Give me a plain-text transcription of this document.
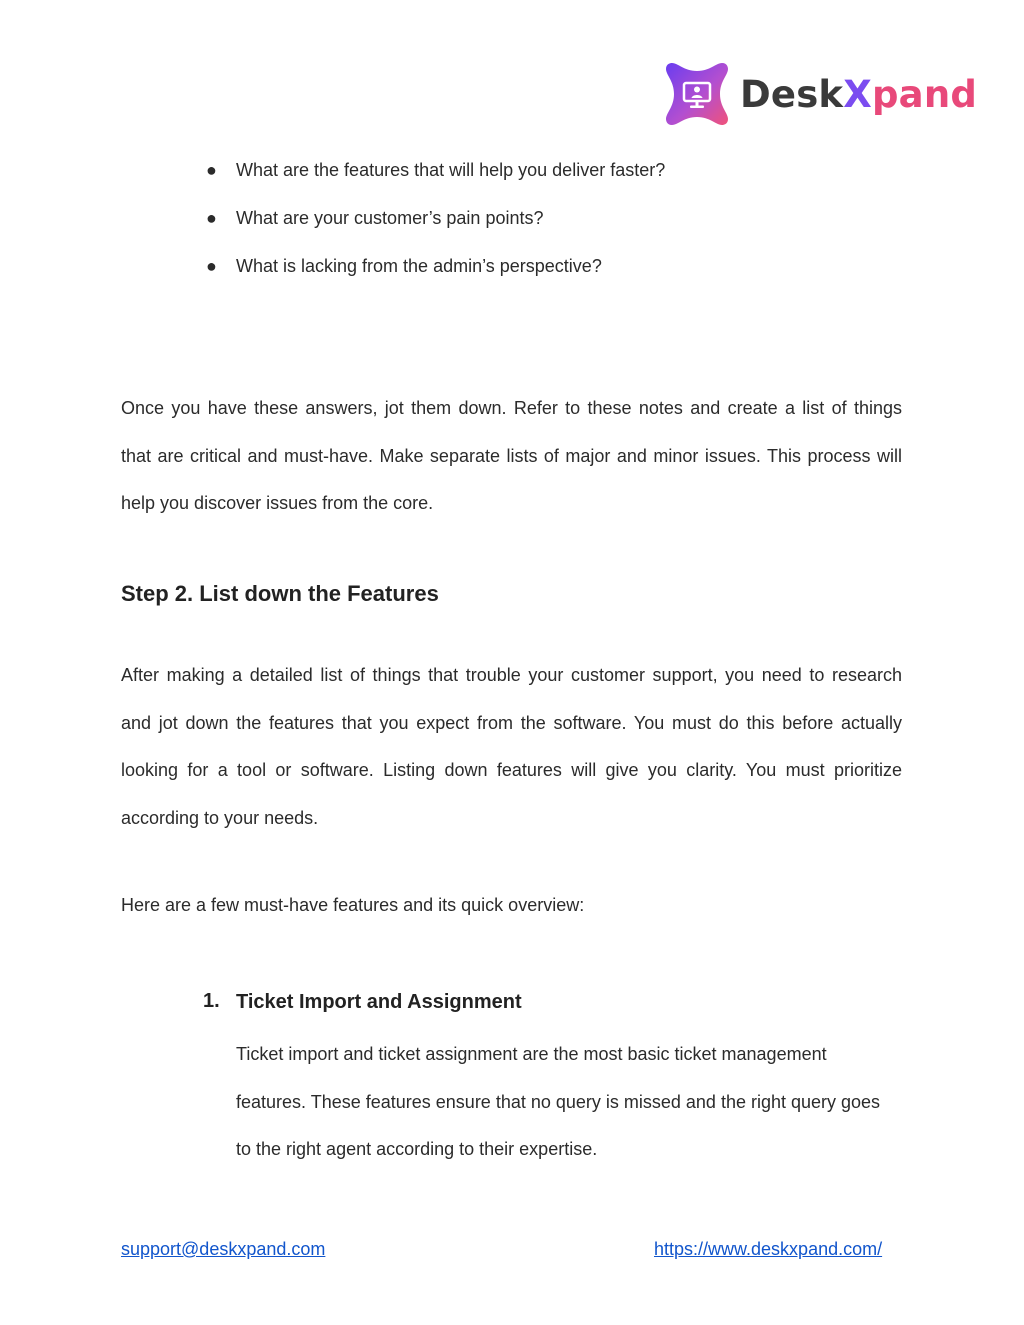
DeskXpand
● What are the features that will help you deliver faster?
● What are your customer’s pain points?
● What is lacking from the admin’s perspective?
Once you have these answers, jot them down. Refer to these notes and create a list of things
that are critical and must-have. Make separate lists of major and minor issues. This process will
help you discover issues from the core.
Step 2. List down the Features
After making a detailed list of things that trouble your customer support, you need to research
and jot down the features that you expect from the software. You must do this before actually
looking for a tool or software. Listing down features will give you clarity. You must prioritize
according to your needs.
Here are a few must-have features and its quick overview:
1. Ticket Import and Assignment
Ticket import and ticket assignment are the most basic ticket management
features. These features ensure that no query is missed and the right query goes
to the right agent according to their expertise.
support@deskxpand.com	https://www.deskxpand.com/
